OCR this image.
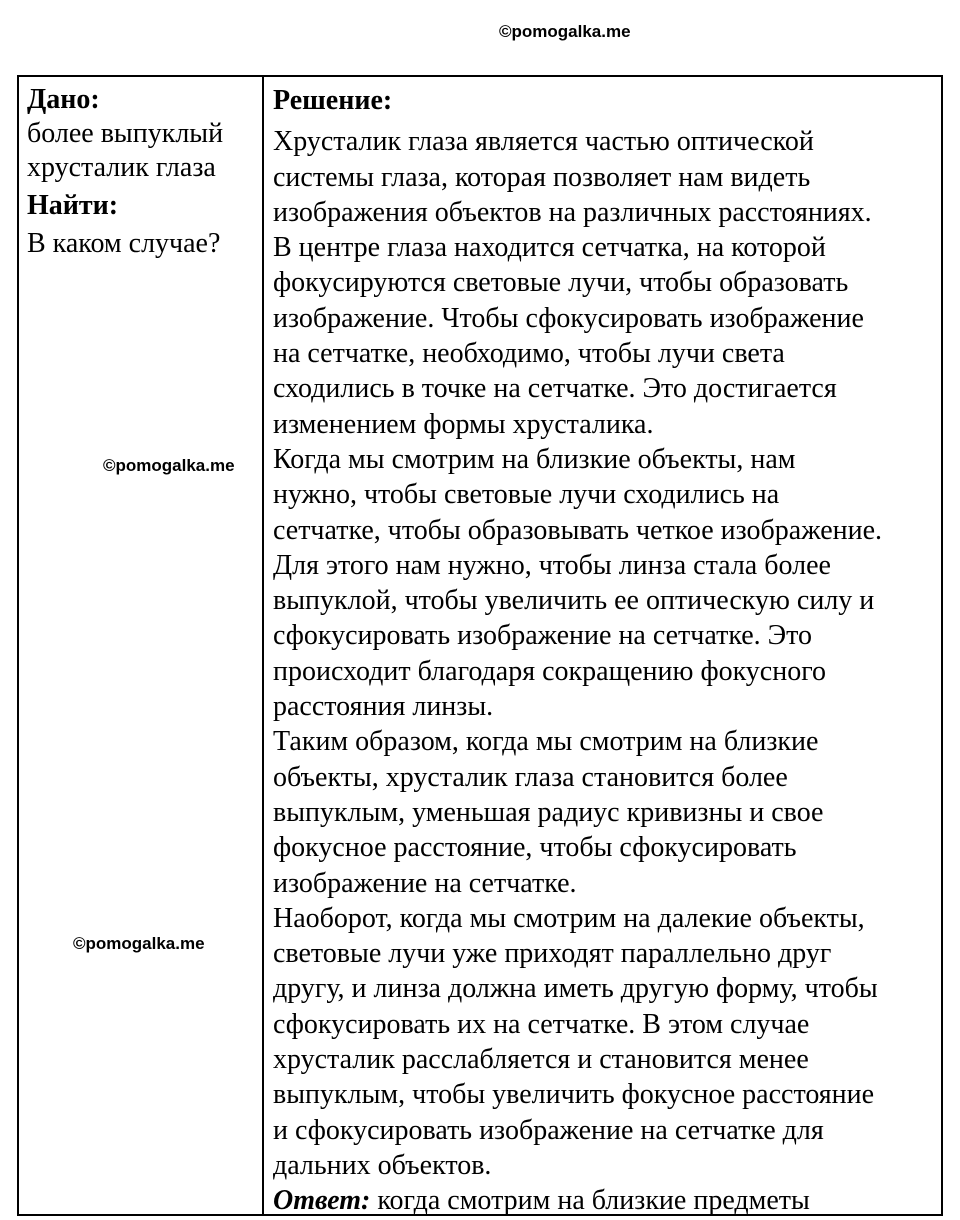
©pomogalka.me
©pomogalka.me
©pomogalka.me
Дано:
более выпуклый
хрусталик глаза
Найти:
В каком случае?
Решение:
Хрусталик глаза является частью оптической
системы глаза, которая позволяет нам видеть
изображения объектов на различных расстояниях.
В центре глаза находится сетчатка, на которой
фокусируются световые лучи, чтобы образовать
изображение. Чтобы сфокусировать изображение
на сетчатке, необходимо, чтобы лучи света
сходились в точке на сетчатке. Это достигается
изменением формы хрусталика.
Когда мы смотрим на близкие объекты, нам
нужно, чтобы световые лучи сходились на
сетчатке, чтобы образовывать четкое изображение.
Для этого нам нужно, чтобы линза стала более
выпуклой, чтобы увеличить ее оптическую силу и
сфокусировать изображение на сетчатке. Это
происходит благодаря сокращению фокусного
расстояния линзы.
Таким образом, когда мы смотрим на близкие
объекты, хрусталик глаза становится более
выпуклым, уменьшая радиус кривизны и свое
фокусное расстояние, чтобы сфокусировать
изображение на сетчатке.
Наоборот, когда мы смотрим на далекие объекты,
световые лучи уже приходят параллельно друг
другу, и линза должна иметь другую форму, чтобы
сфокусировать их на сетчатке. В этом случае
хрусталик расслабляется и становится менее
выпуклым, чтобы увеличить фокусное расстояние
и сфокусировать изображение на сетчатке для
дальних объектов.
Ответ: когда смотрим на близкие предметы
